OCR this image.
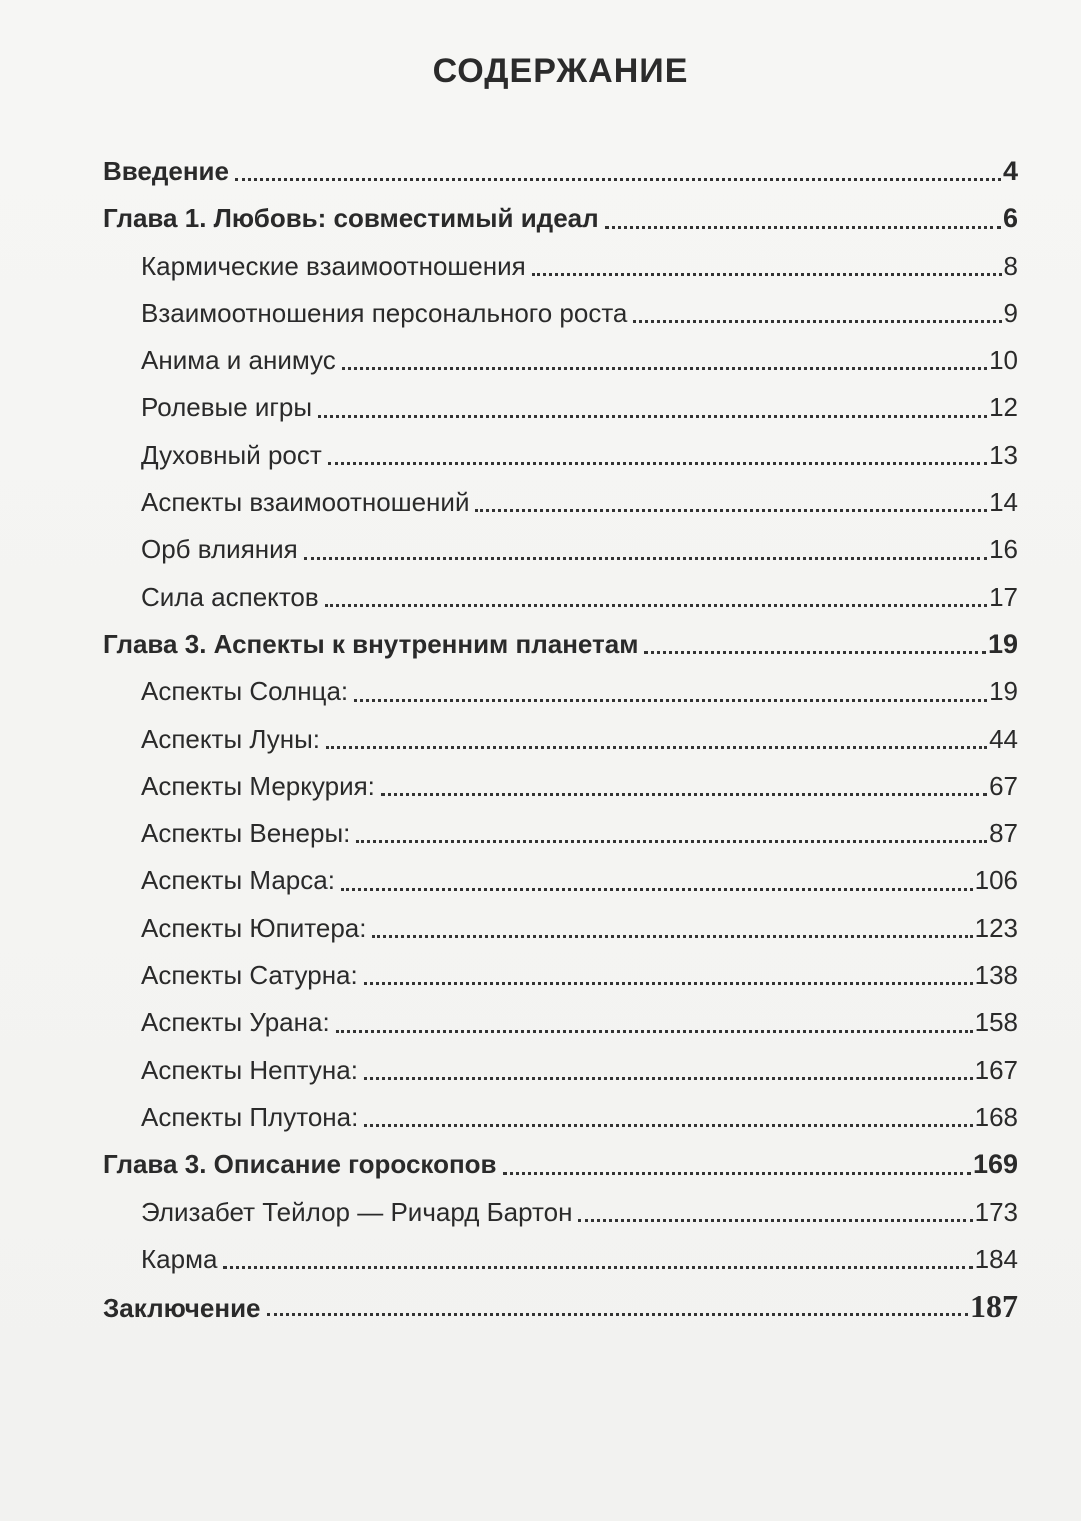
СОДЕРЖАНИЕ
Введение	4
Глава 1. Любовь: совместимый идеал	6
Кармические взаимоотношения	8
Взаимоотношения персонального роста	9
Анима и анимус	10
Ролевые игры	12
Духовный рост	13
Аспекты взаимоотношений	14
Орб влияния	16
Сила аспектов	17
Глава 3. Аспекты к внутренним планетам	19
Аспекты Солнца:	19
Аспекты Луны:	44
Аспекты Меркурия:	67
Аспекты Венеры:	87
Аспекты Марса:	106
Аспекты Юпитера:	123
Аспекты Сатурна:	138
Аспекты Урана:	158
Аспекты Нептуна:	167
Аспекты Плутона:	168
Глава 3. Описание гороскопов	169
Элизабет Тейлор — Ричард Бартон	173
Карма	184
Заключение	187
